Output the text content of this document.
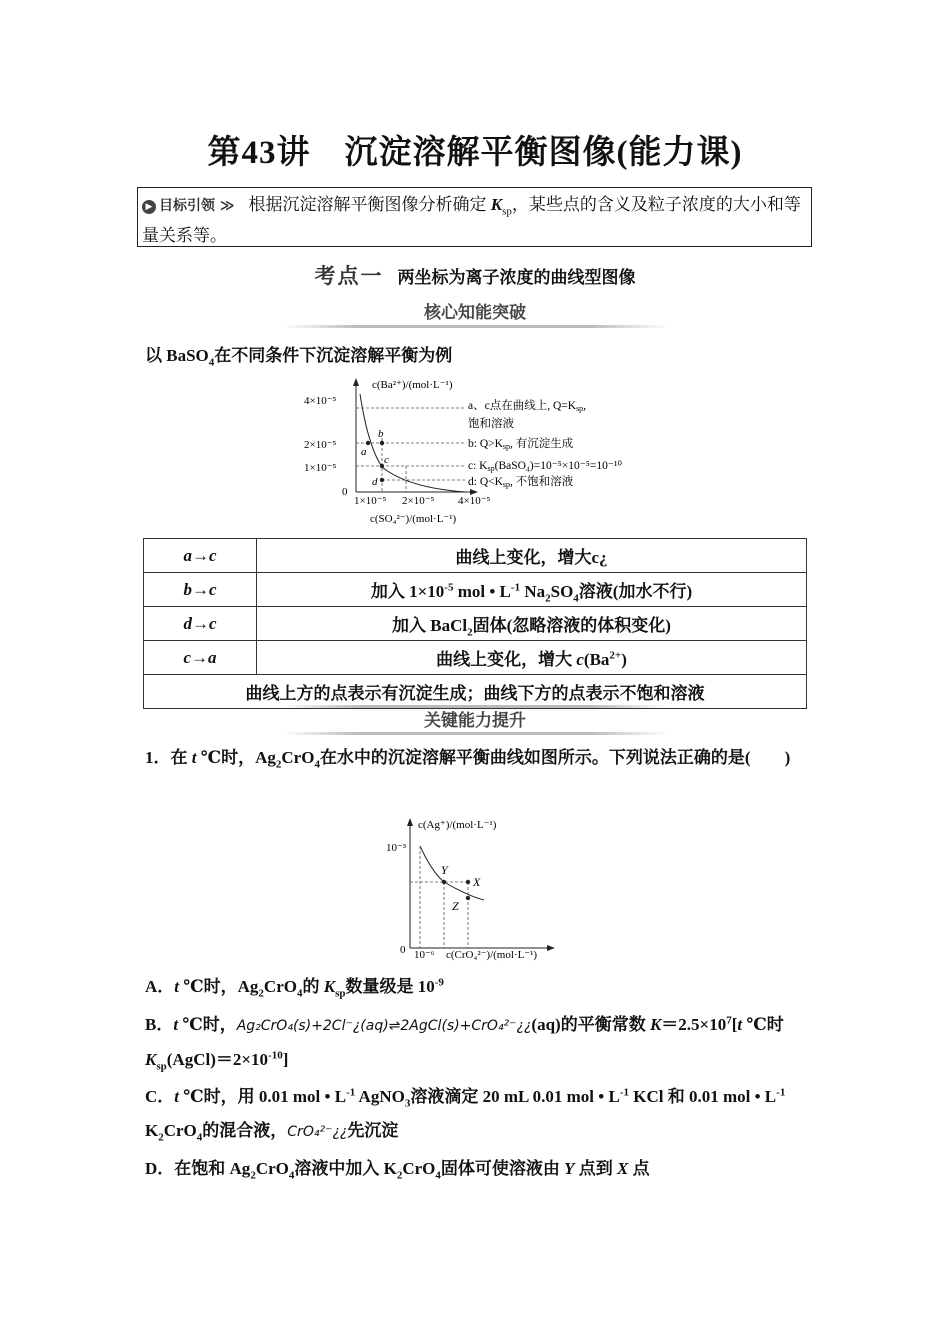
第43讲　沉淀溶解平衡图像(能力课)
▶ 目标引领 ≫ 根据沉淀溶解平衡图像分析确定 $K_{sp}$，某些点的含义及粒子浓度的大小和等量关系等。
考点一 两坐标为离子浓度的曲线型图像
核心知能突破
以 BaSO$_4$在不同条件下沉淀溶解平衡为例
c(Ba²⁺)/(mol·L⁻¹)
c(SO₄²⁻)/(mol·L⁻¹)
4×10⁻⁵
2×10⁻⁵
1×10⁻⁵
0
1×10⁻⁵ 2×10⁻⁵ 4×10⁻⁵
a
b
c
d
a、c点在曲线上, Q=Ksp,
饱和溶液
b: Q>Ksp, 有沉淀生成
c: Ksp(BaSO₄)=10⁻⁵×10⁻⁵=10⁻¹⁰
d: Q<Ksp, 不饱和溶液
a→c	曲线上变化，增大c¿
b→c	加入 $1\times 10^{-5}$ mol • $L^{-1}$ $Na_2SO_4$溶液(加水不行)
d→c	加入 BaCl$_2$固体(忽略溶液的体积变化)
c→a	曲线上变化，增大 $c(Ba^{2+})$
曲线上方的点表示有沉淀生成；曲线下方的点表示不饱和溶液	
关键能力提升
1．在 t ℃时，$Ag_2CrO_4$在水中的沉淀溶解平衡曲线如图所示。下列说法正确的是(　　)
c(Ag⁺)/(mol·L⁻¹)
c(CrO₄²⁻)/(mol·L⁻¹)
10⁻³
10⁻⁶
0
Y
X
Z
A．t ℃时，$Ag_2CrO_4$的 $K_{sp}$数量级是 $10^{-9}$
B．t ℃时，Ag₂CrO₄(s)+2Cl⁻¿(aq)⇌2AgCl(s)+CrO₄²⁻¿¿(aq)的平衡常数 $K=2.5\times 10^7[t$ ℃时 $K_{sp}(AgCl)=2\times 10^{-10}$]
C．t ℃时，用 0.01 mol • $L^{-1}$ AgNO$_3$溶液滴定 20 mL 0.01 mol • $L^{-1}$ KCl 和 0.01 mol • $L^{-1}$ $K_2CrO_4$的混合液，CrO₄²⁻¿¿先沉淀
D．在饱和 $Ag_2CrO_4$溶液中加入 $K_2CrO_4$固体可使溶液由 Y 点到 X 点
